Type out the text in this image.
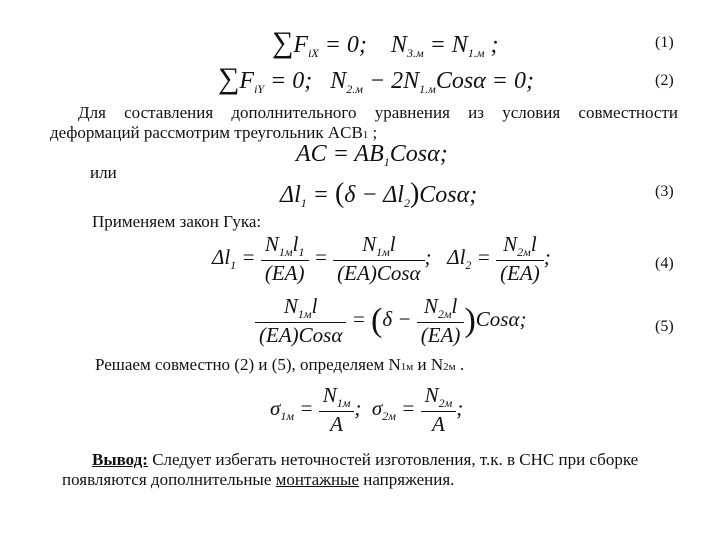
$\sum F_{iX} = 0$;    $N_{3.м} = N_{1.м}$ ;	(1)
$\sum F_{iY} = 0$;   $N_{2.м} - 2N_{1.м}Cos\alpha = 0$;	(2)
Для составления дополнительного уравнения из условия совместности
деформаций рассмотрим треугольник ACB1 ;
AC = $AB_1Cos\alpha$;
или
$\Delta l_1 = (\delta - \Delta l_2)Cos\alpha$;	(3)
Применяем закон Гука:
$\Delta l_1 = \frac{N_{1м}l_1}{(EA)} = \frac{N_{1м}l}{\text{(EA)Cosα}}$ ;   $\Delta l_2 = \frac{N_{2м}l}{(EA)}$ ;	(4)
$\frac{N_{1м}l}{\text{(EA)Cosα}} = (\delta - \frac{N_{2м}l}{(EA)} )Cos\alpha$;	(5)
Решаем совместно (2) и (5), определяем N1м и N2м .
$\sigma_{1м} = \frac{N_{1м}}{A}$ ;  $\sigma_{2м} = \frac{N_{2м}}{A}$ ;
Вывод: Следует избегать неточностей изготовления, т.к. в СНС при сборке
появляются дополнительные монтажные напряжения.
